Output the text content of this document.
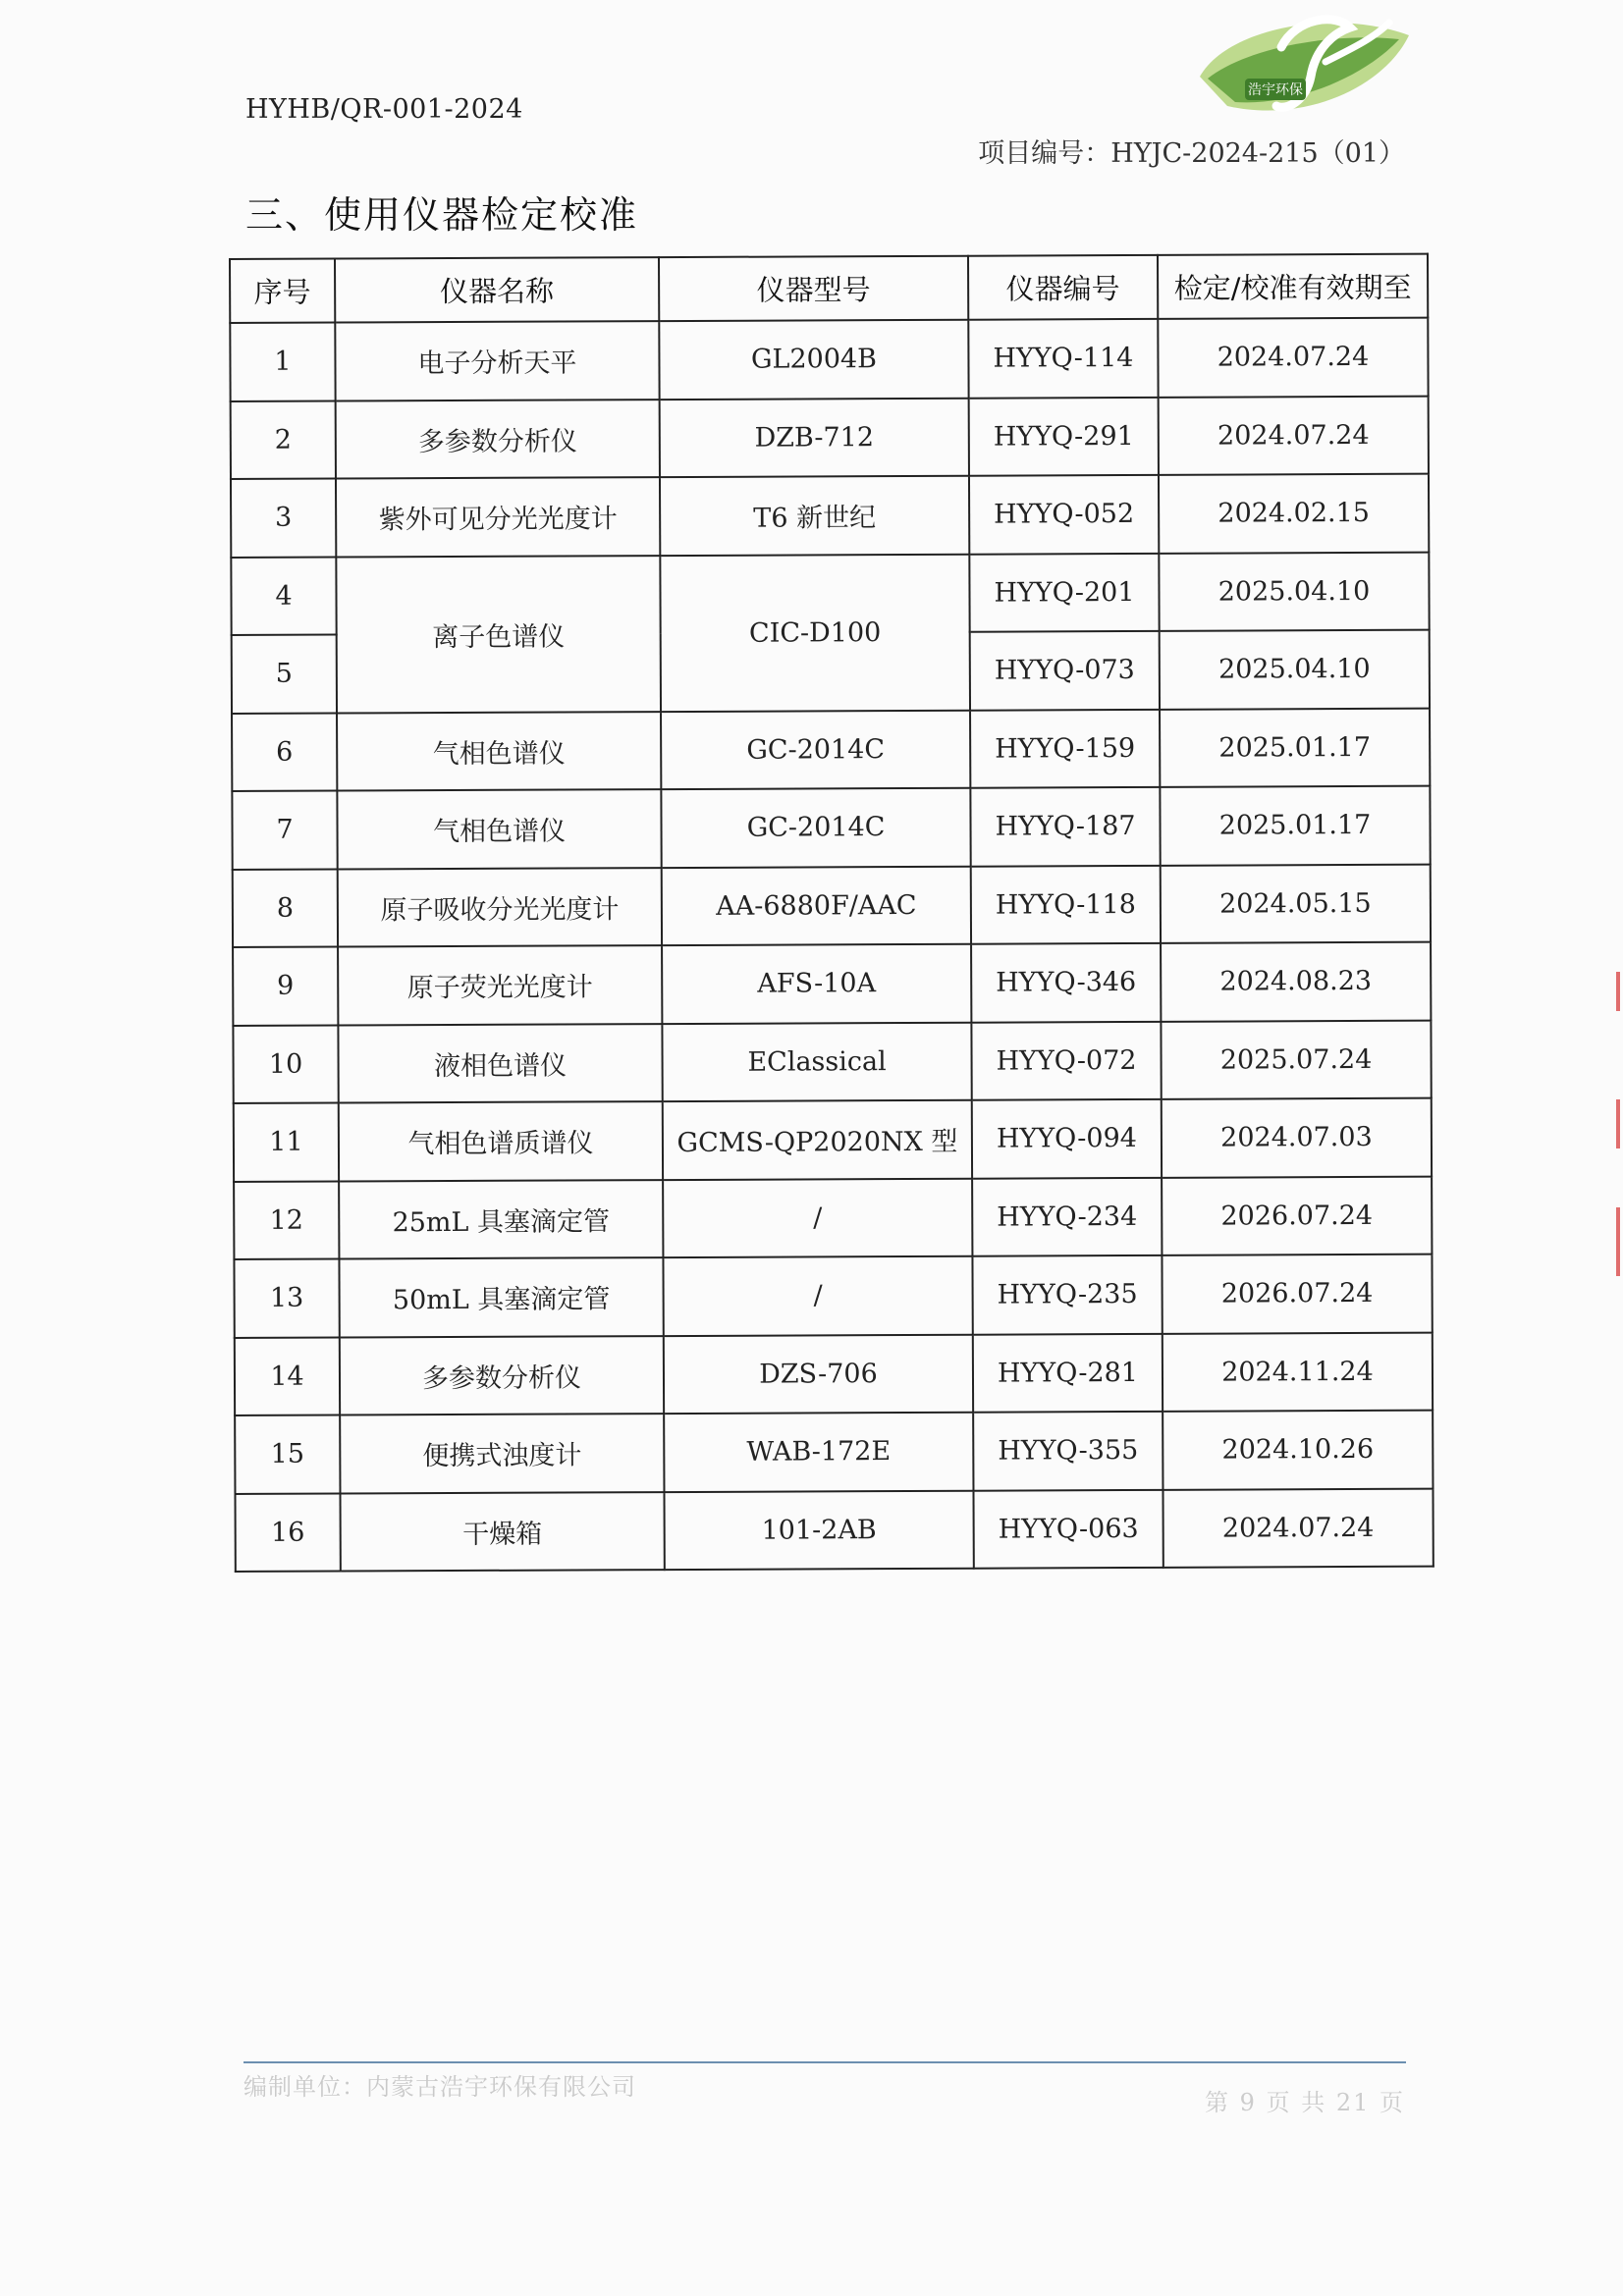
HYHB/QR-001-2024
浩宇环保
项目编号：HYJC-2024-215（01）
三、使用仪器检定校准
序号	仪器名称	仪器型号	仪器编号	检定/校准有效期至
1	电子分析天平	GL2004B	HYYQ-114	2024.07.24
2	多参数分析仪	DZB-712	HYYQ-291	2024.07.24
3	紫外可见分光光度计	T6 新世纪	HYYQ-052	2024.02.15
4	离子色谱仪	CIC-D100	HYYQ-201	2025.04.10
5			HYYQ-073	2025.04.10
6	气相色谱仪	GC-2014C	HYYQ-159	2025.01.17
7	气相色谱仪	GC-2014C	HYYQ-187	2025.01.17
8	原子吸收分光光度计	AA-6880F/AAC	HYYQ-118	2024.05.15
9	原子荧光光度计	AFS-10A	HYYQ-346	2024.08.23
10	液相色谱仪	EClassical	HYYQ-072	2025.07.24
11	气相色谱质谱仪	GCMS-QP2020NX 型	HYYQ-094	2024.07.03
12	25mL 具塞滴定管	/	HYYQ-234	2026.07.24
13	50mL 具塞滴定管	/	HYYQ-235	2026.07.24
14	多参数分析仪	DZS-706	HYYQ-281	2024.11.24
15	便携式浊度计	WAB-172E	HYYQ-355	2024.10.26
16	干燥箱	101-2AB	HYYQ-063	2024.07.24
编制单位：内蒙古浩宇环保有限公司
第 9 页 共 21 页
